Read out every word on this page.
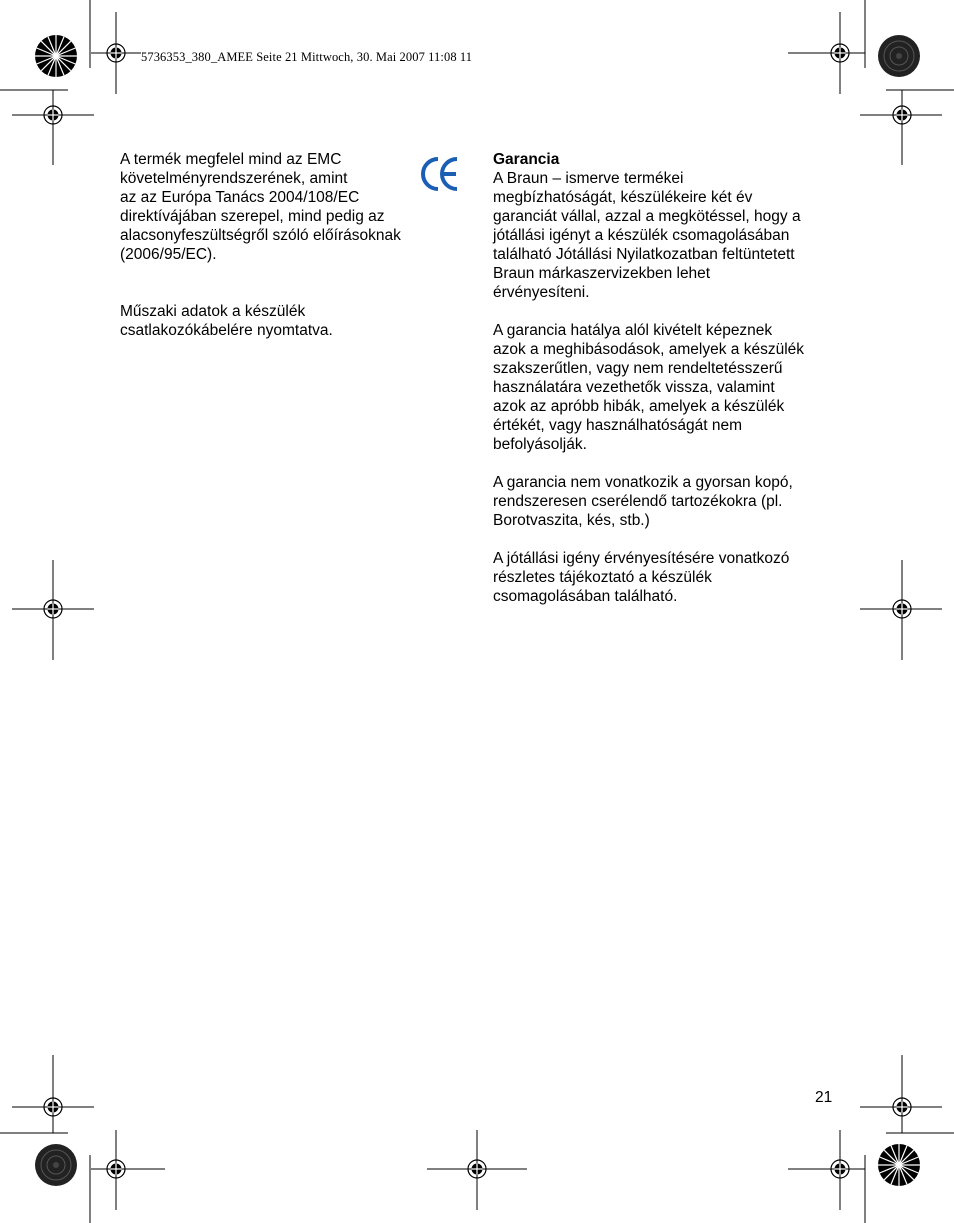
5736353_380_AMEE Seite 21 Mittwoch, 30. Mai 2007 11:08 11

A termék megfelel mind az EMC
követelményrendszerének, amint
az az Európa Tanács 2004/108/EC
direktívájában szerepel, mind pedig az
alacsonyfeszültségről szóló előírásoknak
(2006/95/EC).

Műszaki adatok a készülék
csatlakozókábelére nyomtatva.

Garancia
A Braun – ismerve termékei
megbízhatóságát, készülékeire két év
garanciát vállal, azzal a megkötéssel, hogy a
jótállási igényt a készülék csomagolásában
található Jótállási Nyilatkozatban feltüntetett
Braun márkaszervizekben lehet
érvényesíteni.

A garancia hatálya alól kivételt képeznek
azok a meghibásodások, amelyek a készülék
szakszerűtlen, vagy nem rendeltetésszerű
használatára vezethetők vissza, valamint
azok az apróbb hibák, amelyek a készülék
értékét, vagy használhatóságát nem
befolyásolják.

A garancia nem vonatkozik a gyorsan kopó,
rendszeresen cserélendő tartozékokra (pl.
Borotvaszita, kés, stb.)

A jótállási igény érvényesítésére vonatkozó
részletes tájékoztató a készülék
csomagolásában található.

21
